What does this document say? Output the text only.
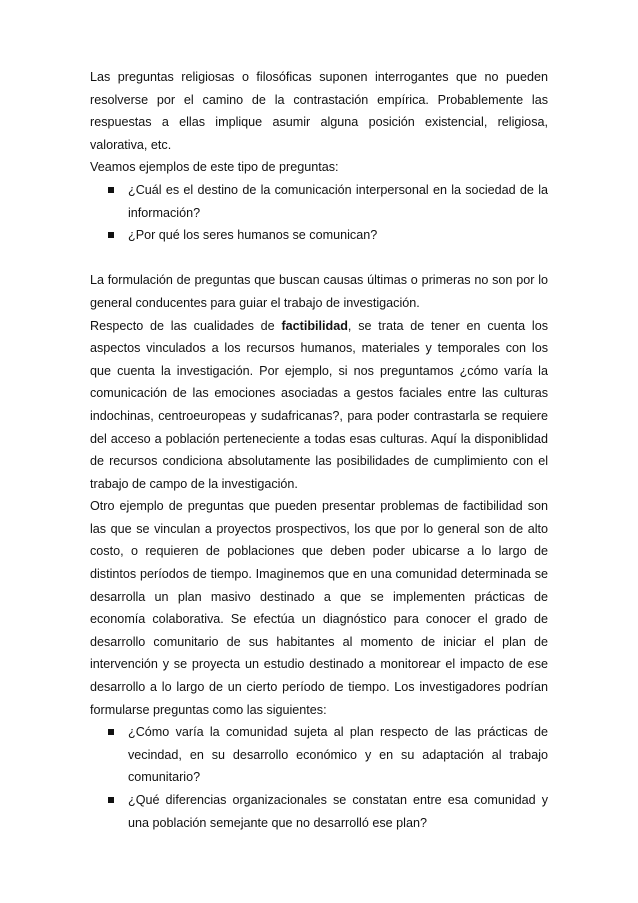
Las preguntas religiosas o filosóficas suponen interrogantes que no pueden resolverse por el camino de la contrastación empírica. Probablemente las respuestas a ellas implique asumir alguna posición existencial, religiosa, valorativa, etc.

Veamos ejemplos de este tipo de preguntas:

¿Cuál es el destino de la comunicación interpersonal en la sociedad de la información?
¿Por qué los seres humanos se comunican?

La formulación de preguntas que buscan causas últimas o primeras no son por lo general conducentes para guiar el trabajo de investigación.

Respecto de las cualidades de factibilidad, se trata de tener en cuenta los aspectos vinculados a los recursos humanos, materiales y temporales con los que cuenta la investigación. Por ejemplo, si nos preguntamos ¿cómo varía la comunicación de las emociones asociadas a gestos faciales entre las culturas indochinas, centroeuropeas y sudafricanas?, para poder contrastarla se requiere del acceso a población perteneciente a todas esas culturas. Aquí la disponiblidad de recursos condiciona absolutamente las posibilidades de cumplimiento con el trabajo de campo de la investigación.

Otro ejemplo de preguntas que pueden presentar problemas de factibilidad son las que se vinculan a proyectos prospectivos, los que por lo general son de alto costo, o requieren de poblaciones que deben poder ubicarse a lo largo de distintos períodos de tiempo. Imaginemos que en una comunidad determinada se desarrolla un plan masivo destinado a que se implementen prácticas de economía colaborativa. Se efectúa un diagnóstico para conocer el grado de desarrollo comunitario de sus habitantes al momento de iniciar el plan de intervención y se proyecta un estudio destinado a monitorear el impacto de ese desarrollo a lo largo de un cierto período de tiempo. Los investigadores podrían formularse preguntas como las siguientes:

¿Cómo varía la comunidad sujeta al plan respecto de las prácticas de vecindad, en su desarrollo económico y en su adaptación al trabajo comunitario?
¿Qué diferencias organizacionales se constatan entre esa comunidad y una población semejante que no desarrolló ese plan?
